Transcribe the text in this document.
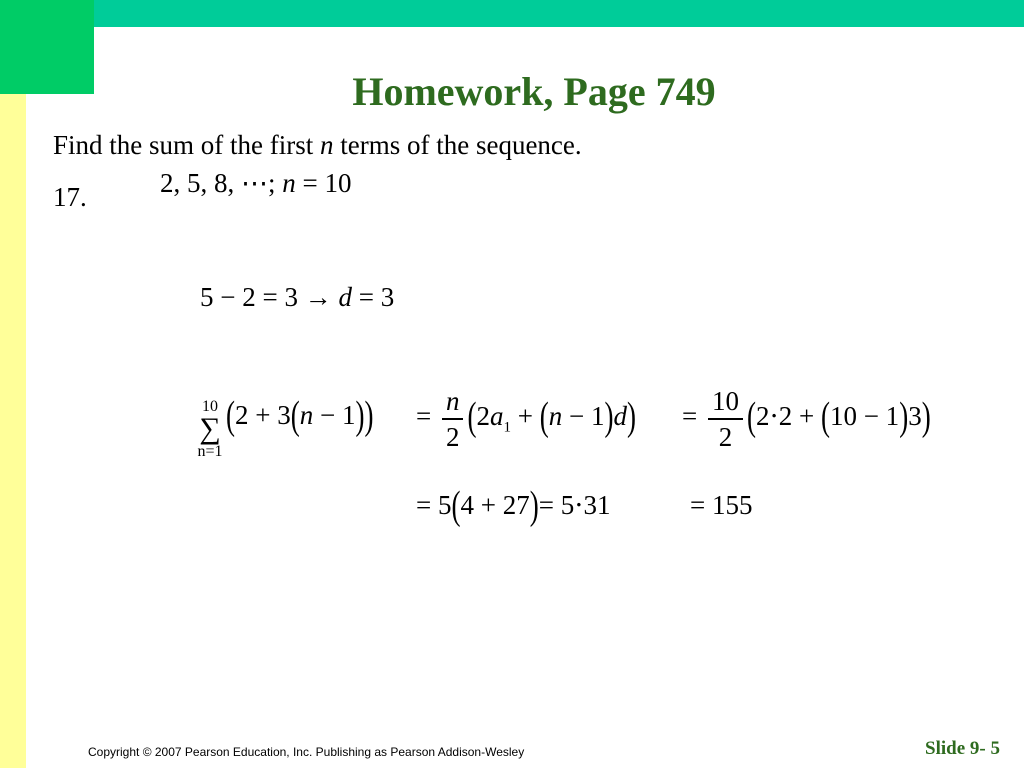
Homework, Page 749
Find the sum of the first n terms of the sequence.
17.	2, 5, 8, ⋯; n = 10
5 − 2 = 3 → d = 3
10
∑
n=1
$(2 + 3(n - 1)) = \frac{n}{2} (2a_1 + (n - 1)d) = \frac{10}{2} (2\cdot 2 + (10 - 1)3)$
= 5(4 + 27)= 5⋅31	= 155
Copyright © 2007 Pearson Education, Inc. Publishing as Pearson Addison-Wesley	Slide 9- 5
